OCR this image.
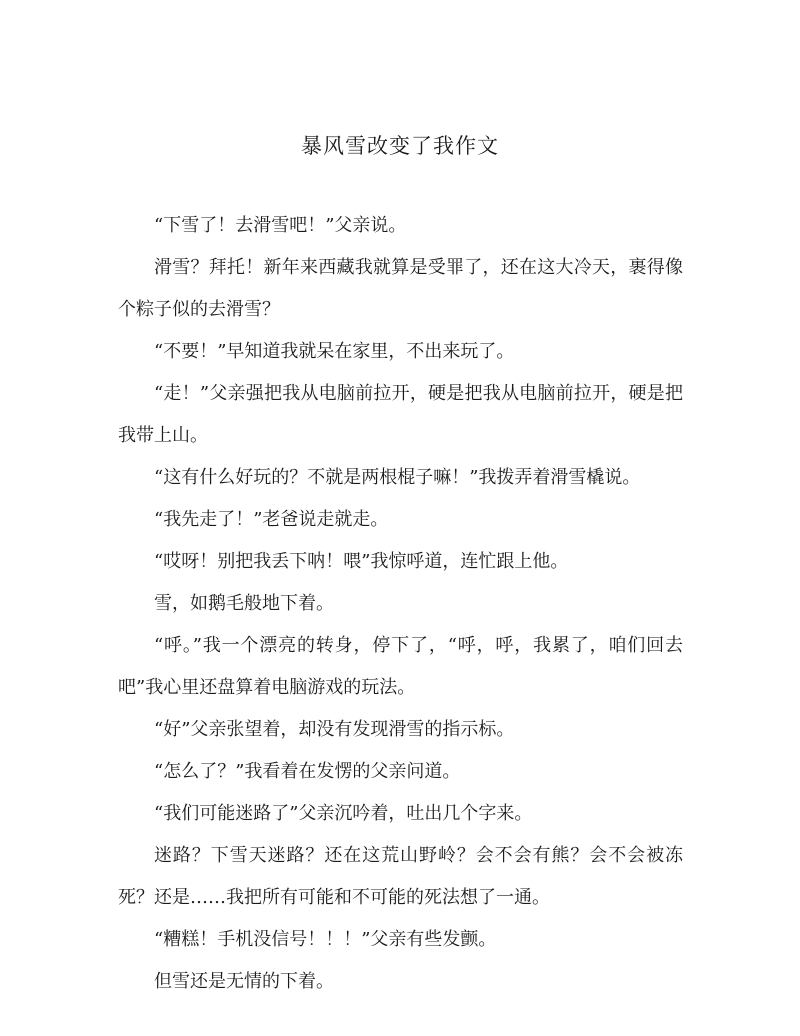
暴风雪改变了我作文

“下雪了！去滑雪吧！”父亲说。

滑雪？拜托！新年来西藏我就算是受罪了，还在这大冷天，裹得像个粽子似的去滑雪？

“不要！”早知道我就呆在家里，不出来玩了。

“走！”父亲强把我从电脑前拉开，硬是把我从电脑前拉开，硬是把我带上山。

“这有什么好玩的？不就是两根棍子嘛！”我拨弄着滑雪橇说。

“我先走了！”老爸说走就走。

“哎呀！别把我丢下呐！喂”我惊呼道，连忙跟上他。

雪，如鹅毛般地下着。

“呼。”我一个漂亮的转身，停下了，“呼，呼，我累了，咱们回去吧”我心里还盘算着电脑游戏的玩法。

“好”父亲张望着，却没有发现滑雪的指示标。

“怎么了？”我看着在发愣的父亲问道。

“我们可能迷路了”父亲沉吟着，吐出几个字来。

迷路？下雪天迷路？还在这荒山野岭？会不会有熊？会不会被冻死？还是……我把所有可能和不可能的死法想了一通。

“糟糕！手机没信号！！！”父亲有些发颤。

但雪还是无情的下着。
